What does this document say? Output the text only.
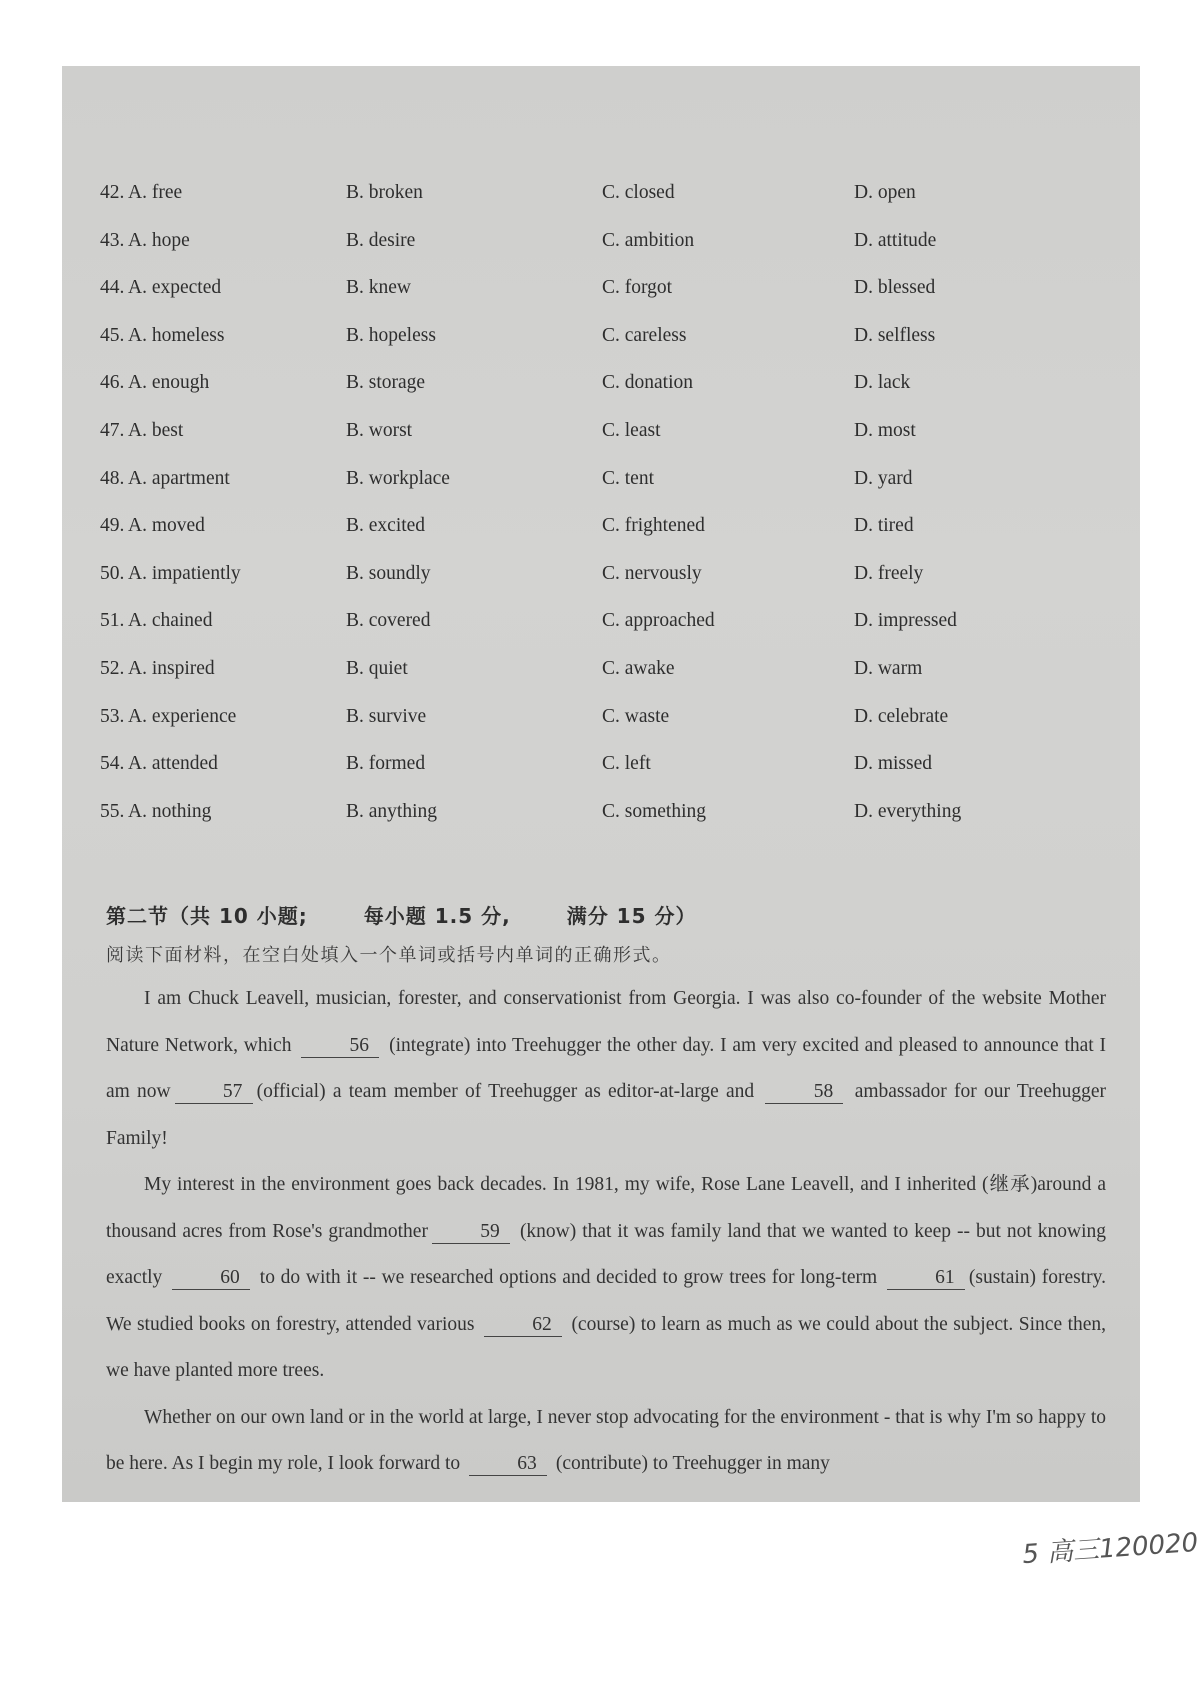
42. A. free	B. broken	C. closed	D. open
43. A. hope	B. desire	C. ambition	D. attitude
44. A. expected	B. knew	C. forgot	D. blessed
45. A. homeless	B. hopeless	C. careless	D. selfless
46. A. enough	B. storage	C. donation	D. lack
47. A. best	B. worst	C. least	D. most
48. A. apartment	B. workplace	C. tent	D. yard
49. A. moved	B. excited	C. frightened	D. tired
50. A. impatiently	B. soundly	C. nervously	D. freely
51. A. chained	B. covered	C. approached	D. impressed
52. A. inspired	B. quiet	C. awake	D. warm
53. A. experience	B. survive	C. waste	D. celebrate
54. A. attended	B. formed	C. left	D. missed
55. A. nothing	B. anything	C. something	D. everything
第二节（共 10 小题;	每小题 1.5 分,	满分 15 分）
阅读下面材料，在空白处填入一个单词或括号内单词的正确形式。

I am Chuck Leavell, musician, forester, and conservationist from Georgia. I was also co-founder of the website Mother Nature Network, which	56 (integrate) into Treehugger the other day. I am very excited and pleased to announce that I am now	57 (official) a team member of Treehugger as editor-at-large and	58 ambassador for our Treehugger Family!

My interest in the environment goes back decades. In 1981, my wife, Rose Lane Leavell, and I inherited (继承)around a thousand acres from Rose's grandmother	59 (know) that it was family land that we wanted to keep -- but not knowing exactly	60 to do with it -- we researched options and decided to grow trees for long-term	61 (sustain) forestry. We studied books on forestry, attended various	62 (course) to learn as much as we could about the subject. Since then, we have planted more trees.

Whether on our own land or in the world at large, I never stop advocating for the environment - that is why I'm so happy to be here. As I begin my role, I look forward to	63 (contribute) to Treehugger in many

5 高三120020
